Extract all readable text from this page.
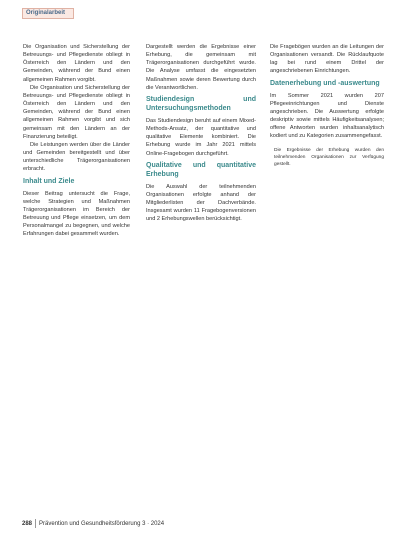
Originalarbeit

Die Organisation und Sicherstellung der Betreuungs- und Pflegedienste obliegt in Österreich den Ländern und den Gemeinden, während der Bund einen allgemeinen Rahmen vorgibt.

Die Organisation und Sicherstellung der Betreuungs- und Pflegedienste obliegt in Österreich den Ländern und den Gemeinden, während der Bund einen allgemeinen Rahmen vorgibt und sich gemeinsam mit den Ländern an der Finanzierung beteiligt.

Die Leistungen werden über die Länder und Gemeinden bereitgestellt und über unterschiedliche Trägerorganisationen erbracht.

Inhalt und Ziele

Dieser Beitrag untersucht die Frage, welche Strategien und Maßnahmen Trägerorganisationen im Bereich der Betreuung und Pflege einsetzen, um dem Personalmangel zu begegnen, und welche Erfahrungen dabei gesammelt wurden.

Dargestellt werden die Ergebnisse einer Erhebung, die gemeinsam mit Trägerorganisationen durchgeführt wurde. Die Analyse umfasst die eingesetzten Maßnahmen sowie deren Bewertung durch die Verantwortlichen.

Studiendesign und Untersuchungsmethoden

Das Studiendesign beruht auf einem Mixed-Methods-Ansatz, der quantitative und qualitative Elemente kombiniert. Die Erhebung wurde im Jahr 2021 mittels Online-Fragebogen durchgeführt.

Qualitative und quantitative Erhebung

Die Auswahl der teilnehmenden Organisationen erfolgte anhand der Mitgliederlisten der Dachverbände. Insgesamt wurden 11 Fragebogenversionen und 2 Erhebungswellen berücksichtigt.

Die Fragebögen wurden an die Leitungen der Organisationen versandt. Die Rücklaufquote lag bei rund einem Drittel der angeschriebenen Einrichtungen.

Datenerhebung und -auswertung

Im Sommer 2021 wurden 207 Pflegeeinrichtungen und Dienste angeschrieben. Die Auswertung erfolgte deskriptiv sowie mittels Häufigkeitsanalysen; offene Antworten wurden inhaltsanalytisch kodiert und zu Kategorien zusammengefasst.

Die Ergebnisse der Erhebung wurden den teilnehmenden Organisationen zur Verfügung gestellt.
288 Prävention und Gesundheitsförderung 3 · 2024
